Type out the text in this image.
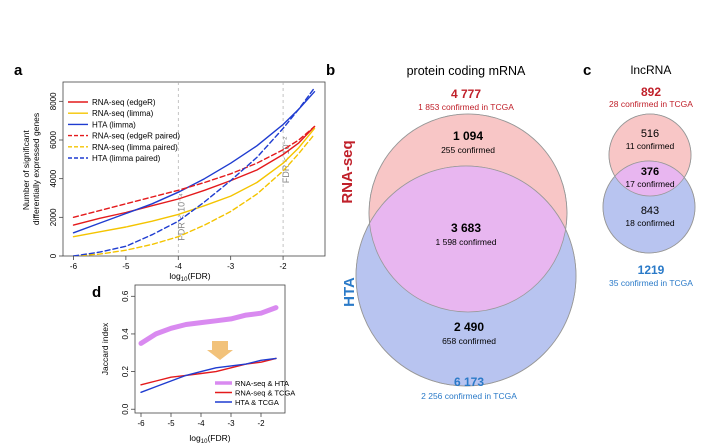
a	b	c
d
-6	-5	-4	-3	-2
0
2000
4000
6000
8000
Number of significant differentially expressed genes
$\log_{10}(FDR)$
FDR < 10⁻⁴
FDR < 10⁻²
RNA-seq (edgeR)
RNA-seq (limma)
HTA (limma)
RNA-seq (edgeR paired)
RNA-seq (limma paired)
HTA (limma paired)
protein coding mRNA
4 777
1 853 confirmed in TCGA
RNA-seq
HTA
1 094
255 confirmed
3 683
1 598 confirmed
2 490
658 confirmed
6 173
2 256 confirmed in TCGA
lncRNA
892
28 confirmed in TCGA
516
11 confirmed
376
17 confirmed
843
18 confirmed
1219
35 confirmed in TCGA
-6	-5	-4	-3	-2
0.0
0.2
0.4
0.6
Jaccard index
$\log_{10}(FDR)$
RNA-seq & HTA
RNA-seq & TCGA
HTA & TCGA
